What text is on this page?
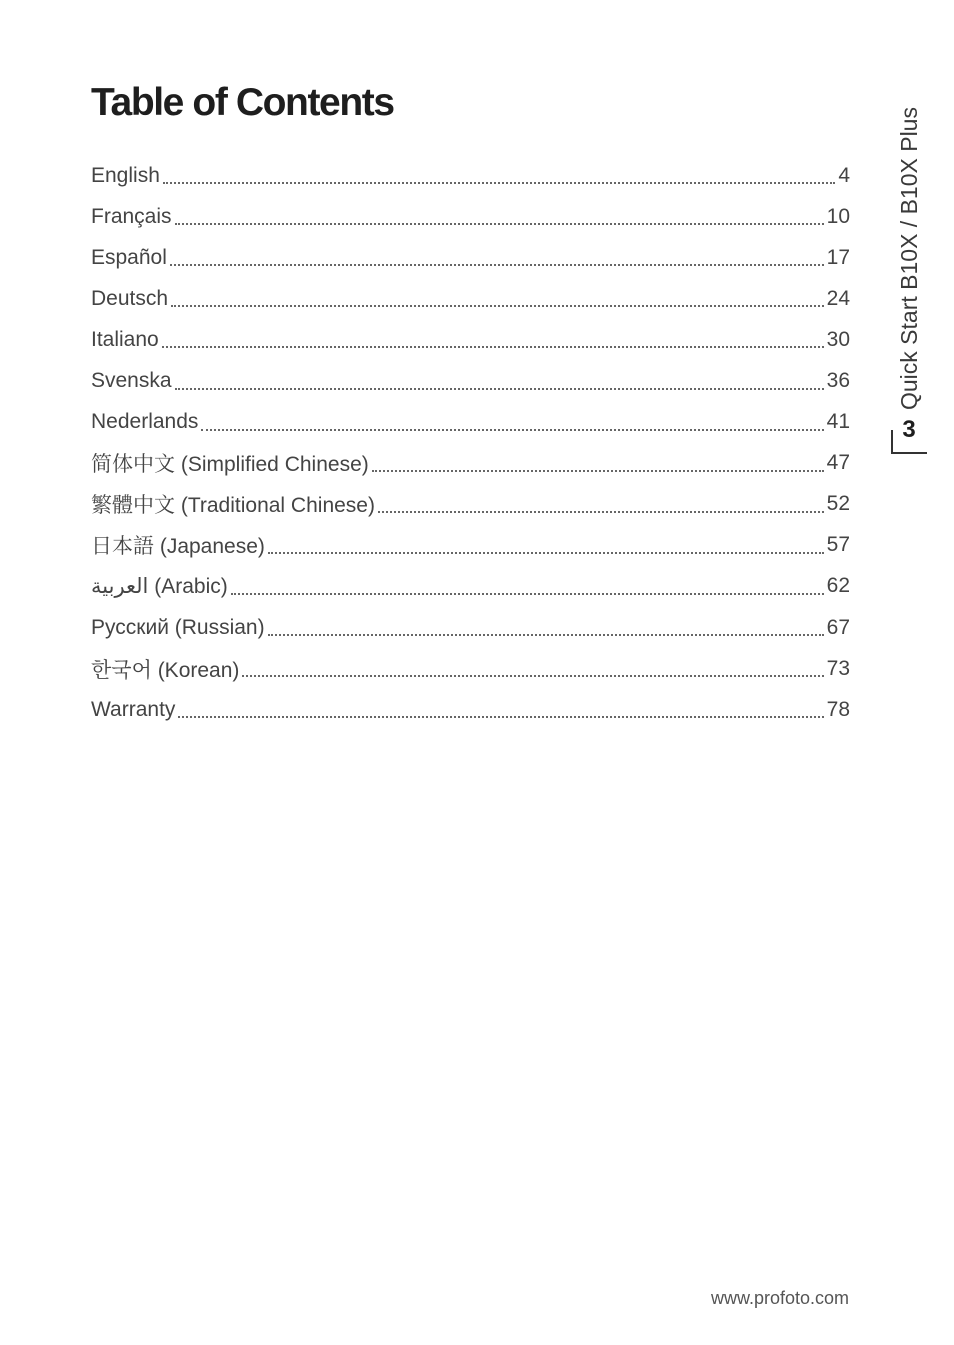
Table of Contents
English	4
Français	10
Español	17
Deutsch	24
Italiano	30
Svenska	36
Nederlands	41
简体中文 (Simplified Chinese)	47
繁體中文 (Traditional Chinese)	52
日本語 (Japanese)	57
العربية (Arabic)	62
Русский (Russian)	67
한국어 (Korean)	73
Warranty	78
Quick Start B10X / B10X Plus
3
www.profoto.com
